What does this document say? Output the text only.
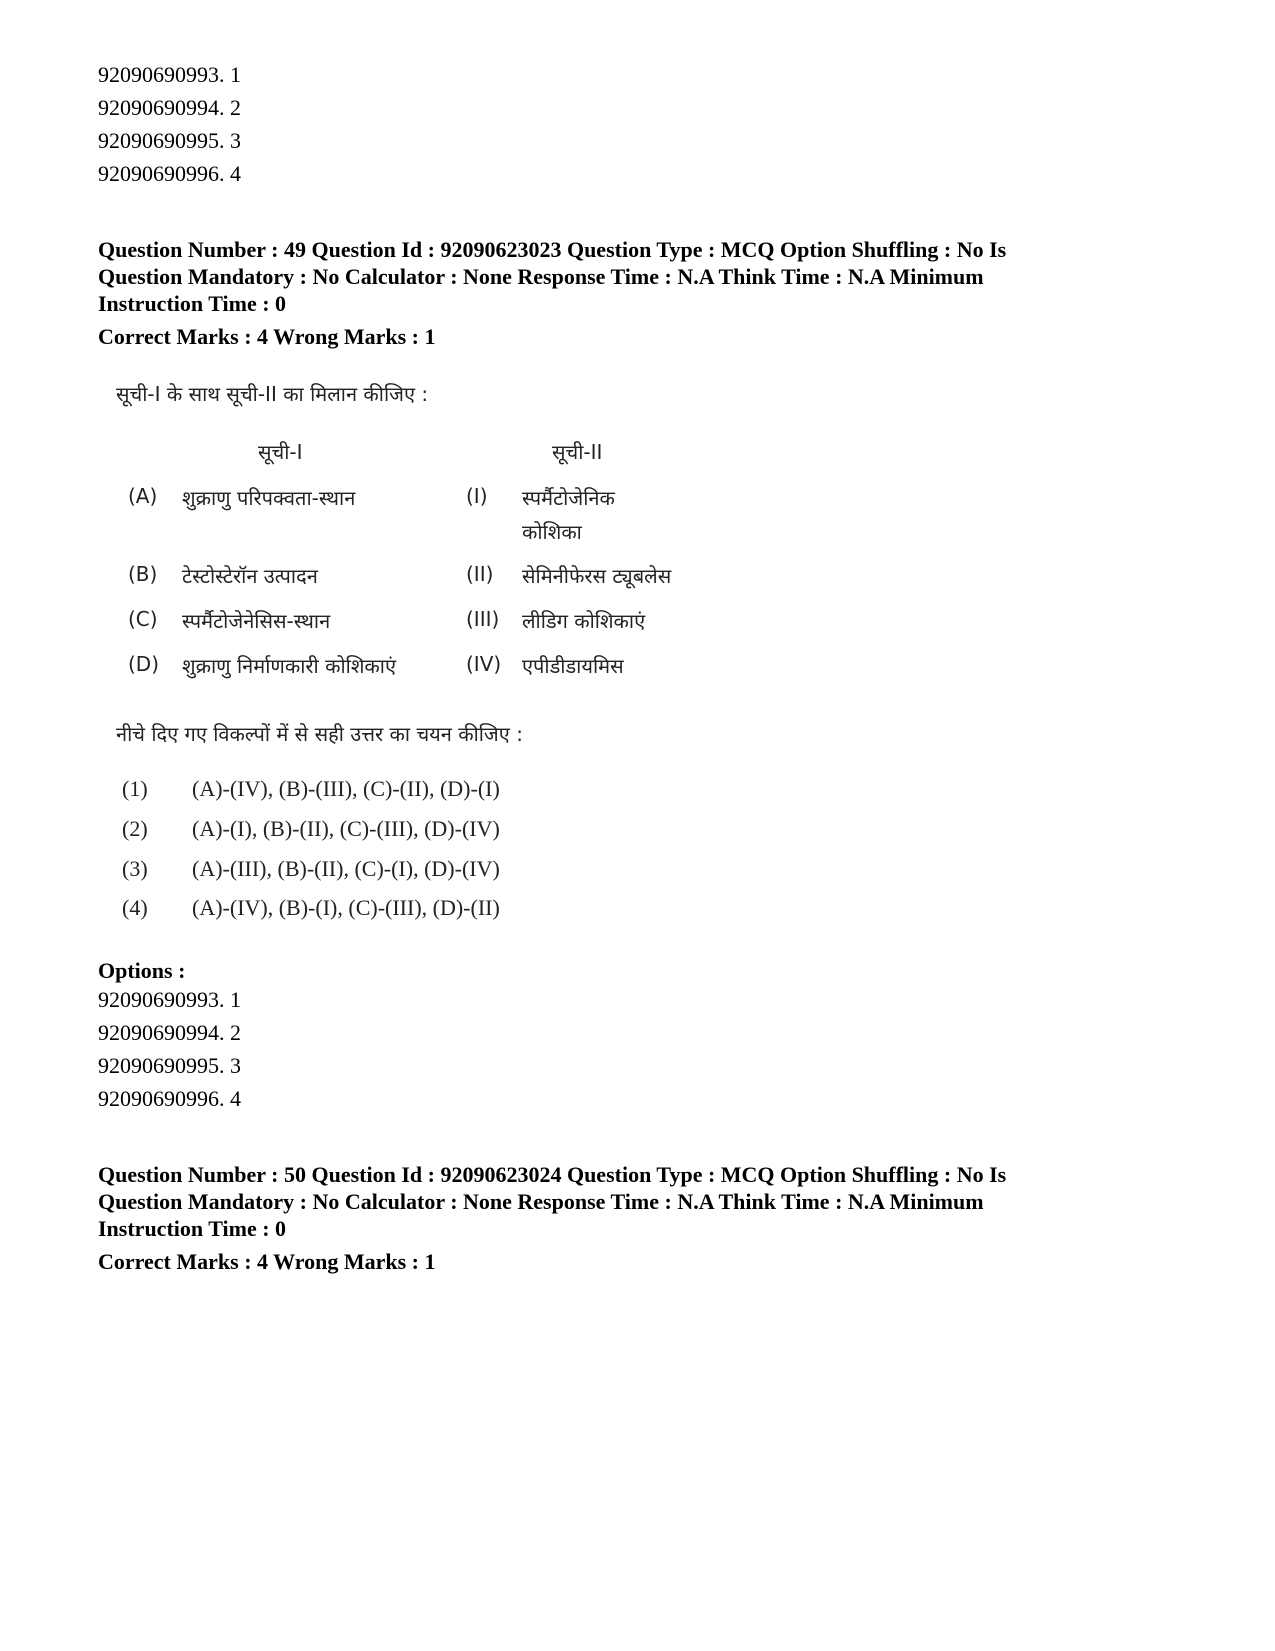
92090690993. 1
92090690994. 2
92090690995. 3
92090690996. 4
Question Number : 49 Question Id : 92090623023 Question Type : MCQ Option Shuffling : No Is
Question Mandatory : No Calculator : None Response Time : N.A Think Time : N.A Minimum
Instruction Time : 0
Correct Marks : 4 Wrong Marks : 1
सूची-I के साथ सूची-II का मिलान कीजिए :
सूची-I	सूची-II
(A) शुक्राणु परिपक्वता-स्थान	(I) स्पर्मैटोजेनिक
कोशिका
(B) टेस्टोस्टेरॉन उत्पादन	(II) सेमिनीफेरस ट्यूबलेस
(C) स्पर्मैटोजेनेसिस-स्थान	(III) लीडिग कोशिकाएं
(D) शुक्राणु निर्माणकारी कोशिकाएं	(IV) एपीडीडायमिस
नीचे दिए गए विकल्पों में से सही उत्तर का चयन कीजिए :
(1) (A)-(IV), (B)-(III), (C)-(II), (D)-(I)
(2) (A)-(I), (B)-(II), (C)-(III), (D)-(IV)
(3) (A)-(III), (B)-(II), (C)-(I), (D)-(IV)
(4) (A)-(IV), (B)-(I), (C)-(III), (D)-(II)
Options :
92090690993. 1
92090690994. 2
92090690995. 3
92090690996. 4
Question Number : 50 Question Id : 92090623024 Question Type : MCQ Option Shuffling : No Is
Question Mandatory : No Calculator : None Response Time : N.A Think Time : N.A Minimum
Instruction Time : 0
Correct Marks : 4 Wrong Marks : 1
